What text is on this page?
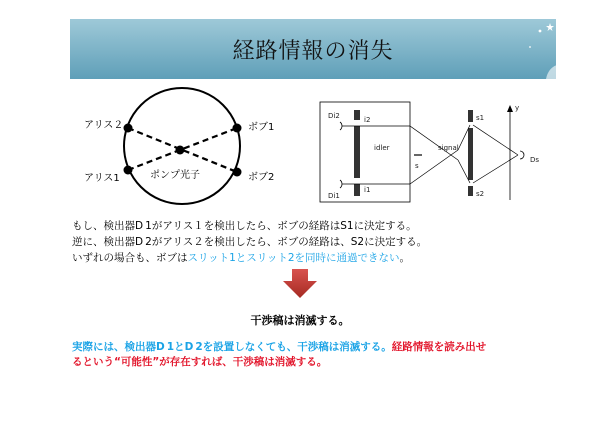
経路情報の消失
アリス２
アリス1
ボブ1
ボブ2
ポンプ光子
Di2	i2
Di1
i1
idler	signal
s
s1
s2
y
Ds
もし、検出器D 1がアリス１を検出したら、ボブの経路はS1に決定する。
逆に、検出器D 2がアリス２を検出したら、ボブの経路は、S2に決定する。
いずれの場合も、ボブはスリット1とスリット2を同時に通過できない。
干渉稿は消滅する。
実際には、検出器D 1とD 2を設置しなくても、干渉稿は消滅する。経路情報を読み出せ
るという“可能性”が存在すれば、干渉稿は消滅する。
